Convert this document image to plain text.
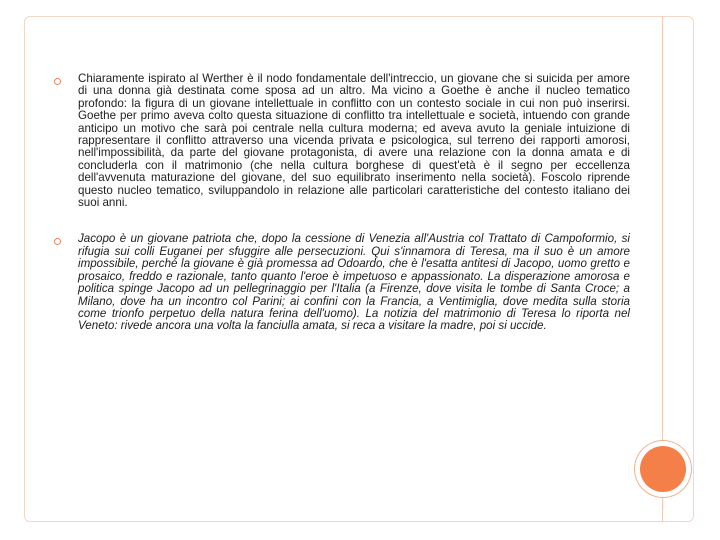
Chiaramente ispirato al Werther è il nodo fondamentale dell'intreccio, un giovane che si suicida per amore di una donna già destinata come sposa ad un altro. Ma vicino a Goethe è anche il nucleo tematico profondo: la figura di un giovane intellettuale in conflitto con un contesto sociale in cui non può inserirsi. Goethe per primo aveva colto questa situazione di conflitto tra intellettuale e società, intuendo con grande anticipo un motivo che sarà poi centrale nella cultura moderna; ed aveva avuto la geniale intuizione di rappresentare il conflitto attraverso una vicenda privata e psicologica, sul terreno dei rapporti amorosi, nell'impossibilità, da parte del giovane protagonista, di avere una relazione con la donna amata e di concluderla con il matrimonio (che nella cultura borghese di quest'età è il segno per eccellenza dell'avvenuta maturazione del giovane, del suo equilibrato inserimento nella società). Foscolo riprende questo nucleo tematico, sviluppandolo in relazione alle particolari caratteristiche del contesto italiano dei suoi anni.

Jacopo è un giovane patriota che, dopo la cessione di Venezia all'Austria col Trattato di Campoformio, si rifugia sui colli Euganei per sfuggire alle persecuzioni. Qui s'innamora di Teresa, ma il suo è un amore impossibile, perché la giovane è già promessa ad Odoardo, che è l'esatta antitesi di Jacopo, uomo gretto e prosaico, freddo e razionale, tanto quanto l'eroe è impetuoso e appassionato. La disperazione amorosa e politica spinge Jacopo ad un pellegrinaggio per l'Italia (a Firenze, dove visita le tombe di Santa Croce; a Milano, dove ha un incontro col Parini; ai confini con la Francia, a Ventimiglia, dove medita sulla storia come trionfo perpetuo della natura ferina dell'uomo). La notizia del matrimonio di Teresa lo riporta nel Veneto: rivede ancora una volta la fanciulla amata, si reca a visitare la madre, poi si uccide.
